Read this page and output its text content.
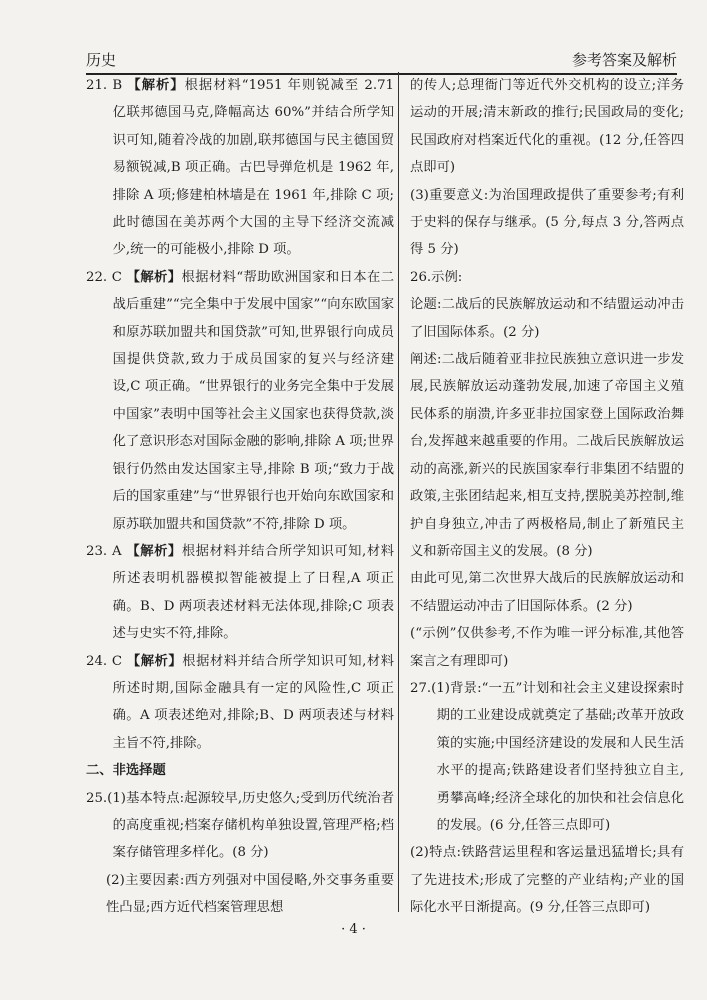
历史	参考答案及解析

21. B 【解析】根据材料“1951 年则锐减至 2.71 亿联邦德国马克,降幅高达 60%”并结合所学知识可知,随着冷战的加剧,联邦德国与民主德国贸易额锐减,B 项正确。古巴导弹危机是 1962 年,排除 A 项;修建柏林墙是在 1961 年,排除 C 项;此时德国在美苏两个大国的主导下经济交流减少,统一的可能极小,排除 D 项。

22. C 【解析】根据材料“帮助欧洲国家和日本在二战后重建”“完全集中于发展中国家”“向东欧国家和原苏联加盟共和国贷款”可知,世界银行向成员国提供贷款,致力于成员国家的复兴与经济建设,C 项正确。“世界银行的业务完全集中于发展中国家”表明中国等社会主义国家也获得贷款,淡化了意识形态对国际金融的影响,排除 A 项;世界银行仍然由发达国家主导,排除 B 项;“致力于战后的国家重建”与“世界银行也开始向东欧国家和原苏联加盟共和国贷款”不符,排除 D 项。

23. A 【解析】根据材料并结合所学知识可知,材料所述表明机器模拟智能被提上了日程,A 项正确。B、D 两项表述材料无法体现,排除;C 项表述与史实不符,排除。

24. C 【解析】根据材料并结合所学知识可知,材料所述时期,国际金融具有一定的风险性,C 项正确。A 项表述绝对,排除;B、D 两项表述与材料主旨不符,排除。

二、非选择题

25.(1)基本特点:起源较早,历史悠久;受到历代统治者的高度重视;档案存储机构单独设置,管理严格;档案存储管理多样化。(8 分)

(2)主要因素:西方列强对中国侵略,外交事务重要性凸显;西方近代档案管理思想

的传人;总理衙门等近代外交机构的设立;洋务运动的开展;清末新政的推行;民国政局的变化;民国政府对档案近代化的重视。(12 分,任答四点即可)

(3)重要意义:为治国理政提供了重要参考;有利于史料的保存与继承。(5 分,每点 3 分,答两点得 5 分)

26.示例:

论题:二战后的民族解放运动和不结盟运动冲击了旧国际体系。(2 分)

阐述:二战后随着亚非拉民族独立意识进一步发展,民族解放运动蓬勃发展,加速了帝国主义殖民体系的崩溃,许多亚非拉国家登上国际政治舞台,发挥越来越重要的作用。二战后民族解放运动的高涨,新兴的民族国家奉行非集团不结盟的政策,主张团结起来,相互支持,摆脱美苏控制,维护自身独立,冲击了两极格局,制止了新殖民主义和新帝国主义的发展。(8 分)

由此可见,第二次世界大战后的民族解放运动和不结盟运动冲击了旧国际体系。(2 分)

(“示例”仅供参考,不作为唯一评分标准,其他答案言之有理即可)

27.(1)背景:“一五”计划和社会主义建设探索时期的工业建设成就奠定了基础;改革开放政策的实施;中国经济建设的发展和人民生活水平的提高;铁路建设者们坚持独立自主,勇攀高峰;经济全球化的加快和社会信息化的发展。(6 分,任答三点即可)

(2)特点:铁路营运里程和客运量迅猛增长;具有了先进技术;形成了完整的产业结构;产业的国际化水平日渐提高。(9 分,任答三点即可)

· 4 ·
